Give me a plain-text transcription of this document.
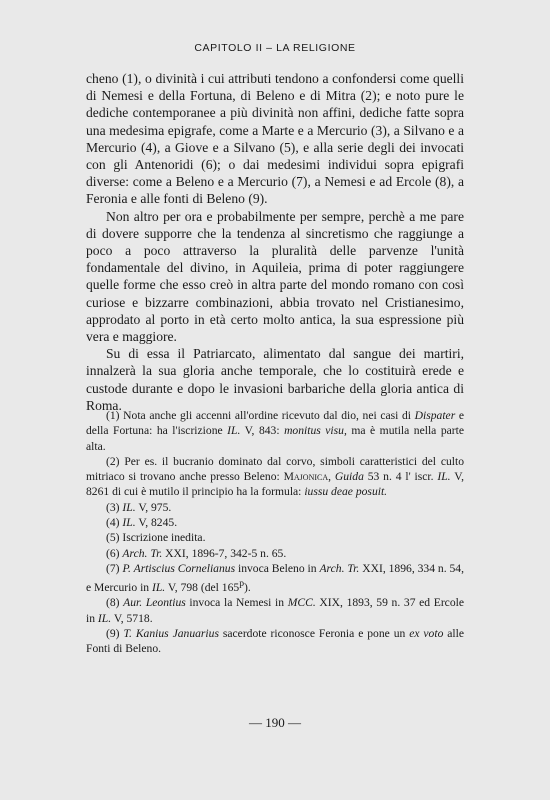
CAPITOLO II – LA RELIGIONE

cheno (1), o divinità i cui attributi tendono a confondersi come quelli di Nemesi e della Fortuna, di Beleno e di Mitra (2); e noto pure le dediche contemporanee a più divinità non affini, dediche fatte sopra una medesima epigrafe, come a Marte e a Mercurio (3), a Silvano e a Mercurio (4), a Giove e a Silvano (5), e alla serie degli dei invocati con gli Antenoridi (6); o dai medesimi individui sopra epigrafi diverse: come a Beleno e a Mercurio (7), a Nemesi e ad Ercole (8), a Feronia e alle fonti di Beleno (9).

Non altro per ora e probabilmente per sempre, perchè a me pare di dovere supporre che la tendenza al sincretismo che raggiunge a poco a poco attraverso la pluralità delle parvenze l'unità fondamentale del divino, in Aquileia, prima di poter raggiungere quelle forme che esso creò in altra parte del mondo romano con così curiose e bizzarre combinazioni, abbia trovato nel Cristianesimo, approdato al porto in età certo molto antica, la sua espressione più vera e maggiore.

Su di essa il Patriarcato, alimentato dal sangue dei martiri, innalzerà la sua gloria anche temporale, che lo costituirà erede e custode durante e dopo le invasioni barbariche della gloria antica di Roma.

(1) Nota anche gli accenni all'ordine ricevuto dal dio, nei casi di Dispater e della Fortuna: ha l'iscrizione IL. V, 843: monitus visu, ma è mutila nella parte alta.

(2) Per es. il bucranio dominato dal corvo, simboli caratteristici del culto mitriaco si trovano anche presso Beleno: Majonica, Guida 53 n. 4 l' iscr. IL. V, 8261 di cui è mutilo il principio ha la formula: iussu deae posuit.

(3) IL. V, 975.

(4) IL. V, 8245.

(5) Iscrizione inedita.

(6) Arch. Tr. XXI, 1896-7, 342-5 n. 65.

(7) P. Artiscius Cornelianus invoca Beleno in Arch. Tr. XXI, 1896, 334 n. 54, e Mercurio in IL. V, 798 (del 165$^p$).

(8) Aur. Leontius invoca la Nemesi in MCC. XIX, 1893, 59 n. 37 ed Ercole in IL. V, 5718.

(9) T. Kanius Januarius sacerdote riconosce Feronia e pone un ex voto alle Fonti di Beleno.

— 190 —
